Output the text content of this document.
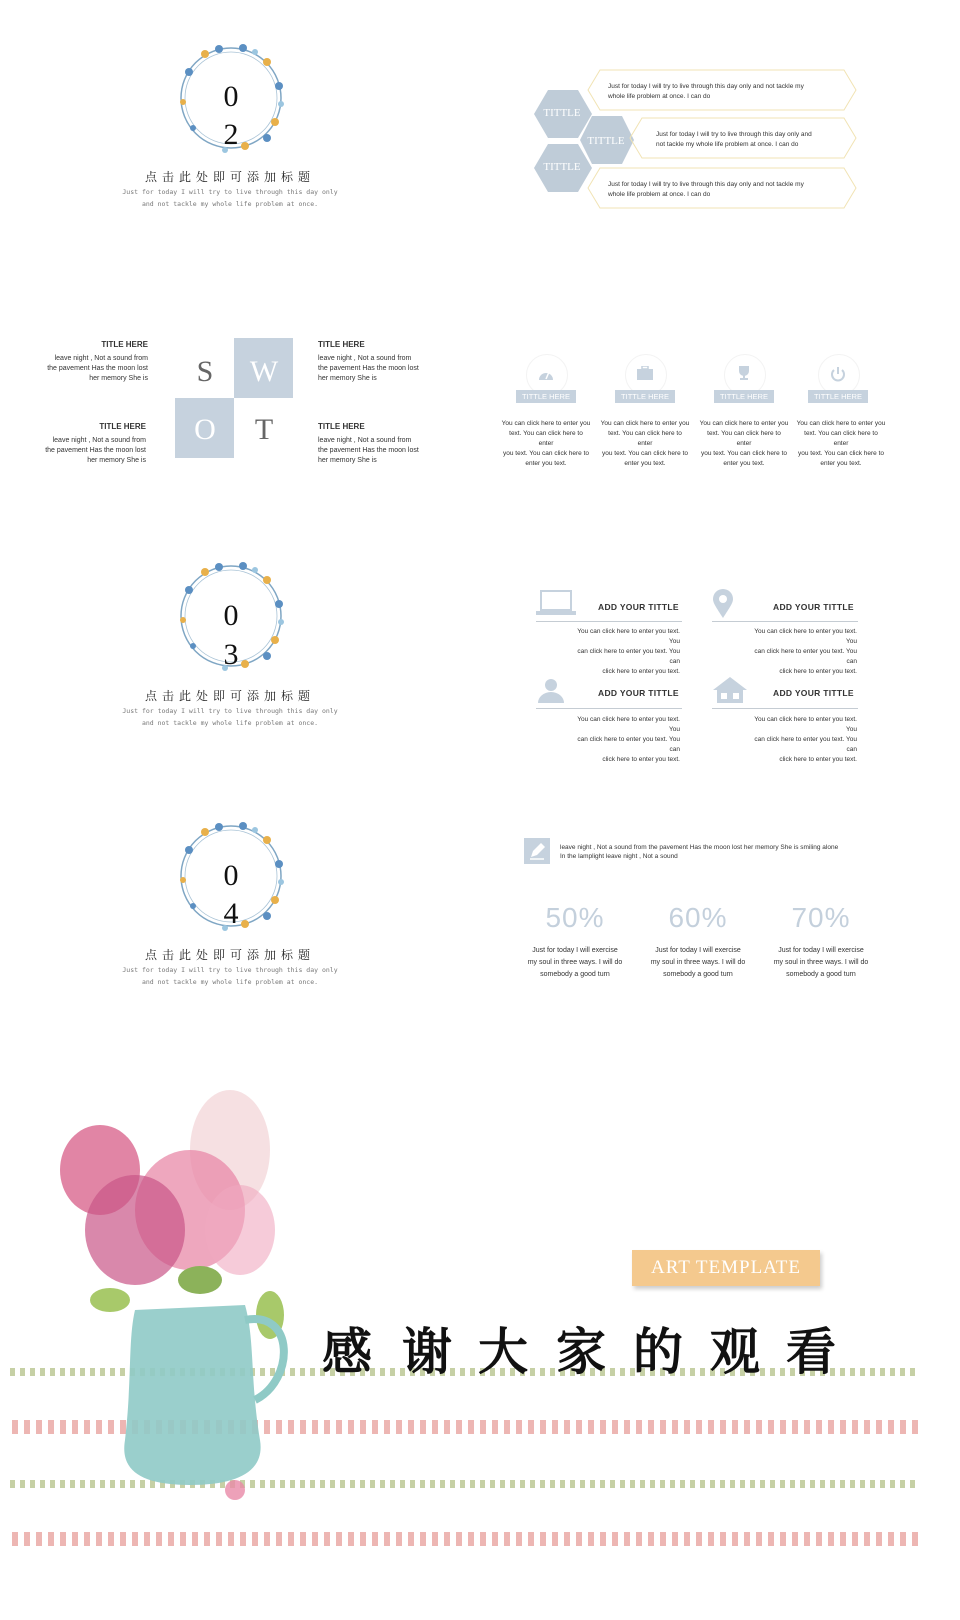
0
2
点击此处即可添加标题
Just for today I will try to live through this day only
and not tackle my whole life problem at once.
TITTLE
TITTLE
TITTLE
Just for today I will try to live through this day only and not tackle my
whole life problem at once. I can do
Just for today I will try to live through this day only and
not tackle my whole life problem at once. I can do
Just for today I will try to live through this day only and not tackle my
whole life problem at once. I can do
S	W
O	T
TITLE HERE
leave night , Not a sound from
the pavement Has the moon lost
her memory She is
TITLE HERE
leave night , Not a sound from
the pavement Has the moon lost
her memory She is
TITLE HERE
leave night , Not a sound from
the pavement Has the moon lost
her memory She is
TITLE HERE
leave night , Not a sound from
the pavement Has the moon lost
her memory She is
TITTLE HERE
You can click here to enter you
text. You can click here to enter
you text. You can click here to
enter you text.
TITTLE HERE
You can click here to enter you
text. You can click here to enter
you text. You can click here to
enter you text.
TITTLE HERE
You can click here to enter you
text. You can click here to enter
you text. You can click here to
enter you text.
TITTLE HERE
You can click here to enter you
text. You can click here to enter
you text. You can click here to
enter you text.
0
3
点击此处即可添加标题
Just for today I will try to live through this day only
and not tackle my whole life problem at once.
ADD YOUR TITTLE
You can click here to enter you text. You
can click here to enter you text. You can
click here to enter you text.
ADD YOUR TITTLE
You can click here to enter you text. You
can click here to enter you text. You can
click here to enter you text.
ADD YOUR TITTLE
You can click here to enter you text. You
can click here to enter you text. You can
click here to enter you text.
ADD YOUR TITTLE
You can click here to enter you text. You
can click here to enter you text. You can
click here to enter you text.
0
4
点击此处即可添加标题
Just for today I will try to live through this day only
and not tackle my whole life problem at once.
leave night , Not a sound from the pavement Has the moon lost her memory She is smiling alone
In the lamplight leave night , Not a sound
50%
Just for today I will exercise
my soul in three ways. I will do
somebody a good turn
60%
Just for today I will exercise
my soul in three ways. I will do
somebody a good turn
70%
Just for today I will exercise
my soul in three ways. I will do
somebody a good turn
ART TEMPLATE
感 谢 大 家 的 观 看
